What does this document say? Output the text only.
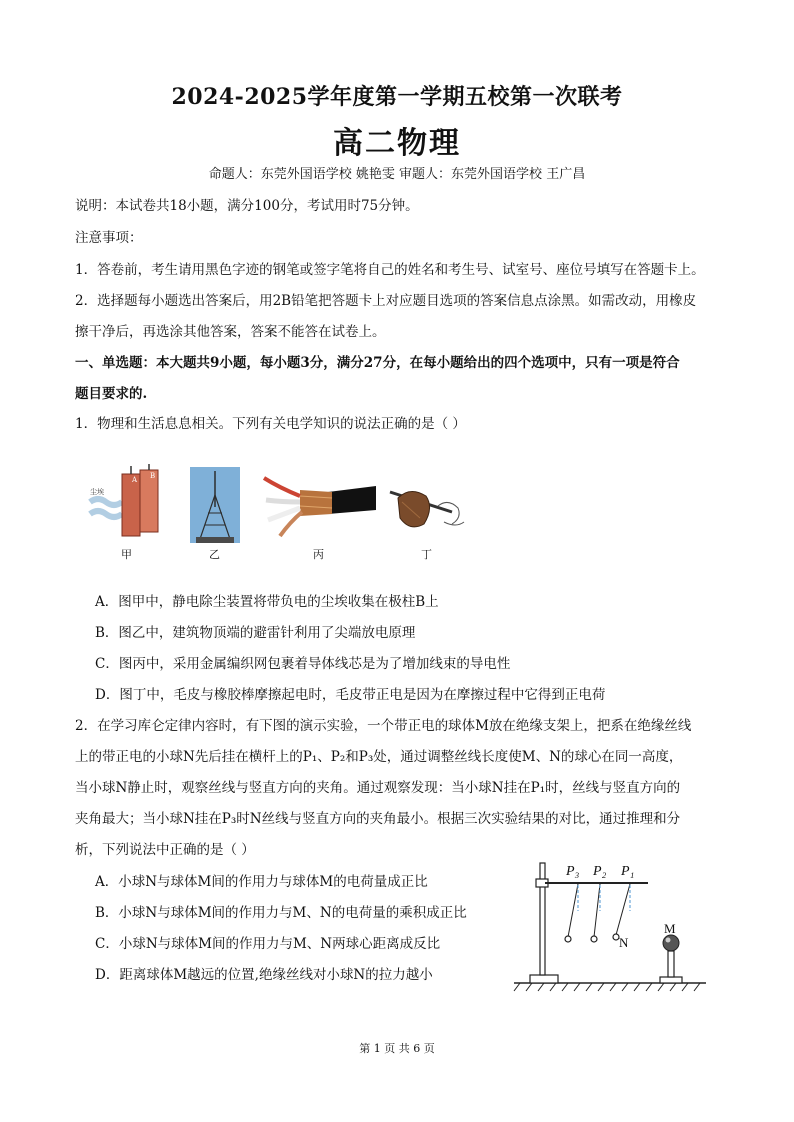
2024-2025学年度第一学期五校第一次联考
高二物理
命题人：东莞外国语学校 姚艳雯 审题人：东莞外国语学校 王广昌
说明：本试卷共18小题，满分100分，考试用时75分钟。
注意事项：
1．答卷前，考生请用黑色字迹的钢笔或签字笔将自己的姓名和考生号、试室号、座位号填写在答题卡上。
2．选择题每小题选出答案后，用2B铅笔把答题卡上对应题目选项的答案信息点涂黑。如需改动，用橡皮
擦干净后，再选涂其他答案，答案不能答在试卷上。
一、单选题：本大题共9小题，每小题3分，满分27分，在每小题给出的四个选项中，只有一项是符合
题目要求的.
1．物理和生活息息相关。下列有关电学知识的说法正确的是（ ）
尘埃
A B
甲	乙	丙	丁
A．图甲中，静电除尘装置将带负电的尘埃收集在极柱B上
B．图乙中，建筑物顶端的避雷针利用了尖端放电原理
C．图丙中，采用金属编织网包裹着导体线芯是为了增加线束的导电性
D．图丁中，毛皮与橡胶棒摩擦起电时，毛皮带正电是因为在摩擦过程中它得到正电荷
2．在学习库仑定律内容时，有下图的演示实验，一个带正电的球体M放在绝缘支架上，把系在绝缘丝线
上的带正电的小球N先后挂在横杆上的P₁、P₂和P₃处，通过调整丝线长度使M、N的球心在同一高度，
当小球N静止时，观察丝线与竖直方向的夹角。通过观察发现：当小球N挂在P₁时，丝线与竖直方向的
夹角最大；当小球N挂在P₃时N丝线与竖直方向的夹角最小。根据三次实验结果的对比，通过推理和分
析，下列说法中正确的是（ ）
A．小球N与球体M间的作用力与球体M的电荷量成正比
B．小球N与球体M间的作用力与M、N的电荷量的乘积成正比
C．小球N与球体M间的作用力与M、N两球心距离成反比
D．距离球体M越远的位置,绝缘丝线对小球N的拉力越小
P₃ P₂ P₁
N
M
第 1 页 共 6 页
